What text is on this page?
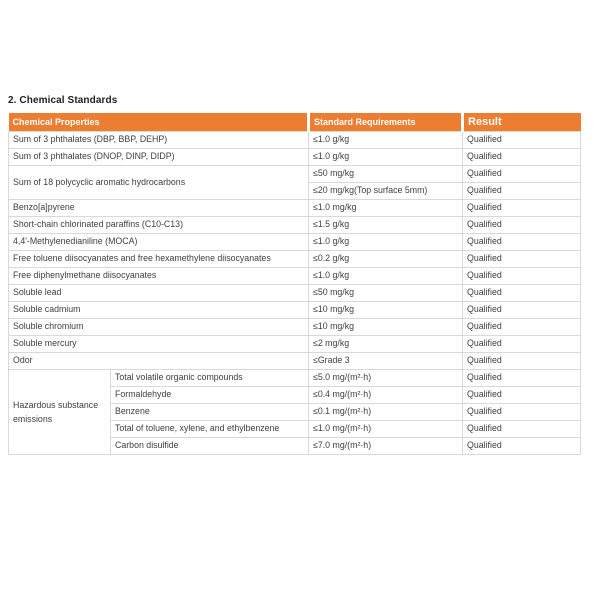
2. Chemical Standards
Chemical Properties		Standard Requirements	Result
Sum of 3 phthalates (DBP, BBP, DEHP)		≤1.0 g/kg	Qualified
Sum of 3 phthalates (DNOP, DINP, DIDP)		≤1.0 g/kg	Qualified
Sum of 18 polycyclic aromatic hydrocarbons		≤50 mg/kg	Qualified
		≤20 mg/kg(Top surface 5mm)	Qualified
Benzo[a]pyrene		≤1.0 mg/kg	Qualified
Short-chain chlorinated paraffins (C10-C13)		≤1.5 g/kg	Qualified
4,4'-Methylenedianiline (MOCA)		≤1.0 g/kg	Qualified
Free toluene diisocyanates and free hexamethylene diisocyanates		≤0.2 g/kg	Qualified
Free diphenylmethane diisocyanates		≤1.0 g/kg	Qualified
Soluble lead		≤50 mg/kg	Qualified
Soluble cadmium		≤10 mg/kg	Qualified
Soluble chromium		≤10 mg/kg	Qualified
Soluble mercury		≤2 mg/kg	Qualified
Odor		≤Grade 3	Qualified
Hazardous substance emissions	Total volatile organic compounds	≤5.0 mg/(m²·h)	Qualified
	Formaldehyde	≤0.4 mg/(m²·h)	Qualified
	Benzene	≤0.1 mg/(m²·h)	Qualified
	Total of toluene, xylene, and ethylbenzene	≤1.0 mg/(m²·h)	Qualified
	Carbon disulfide	≤7.0 mg/(m²·h)	Qualified
